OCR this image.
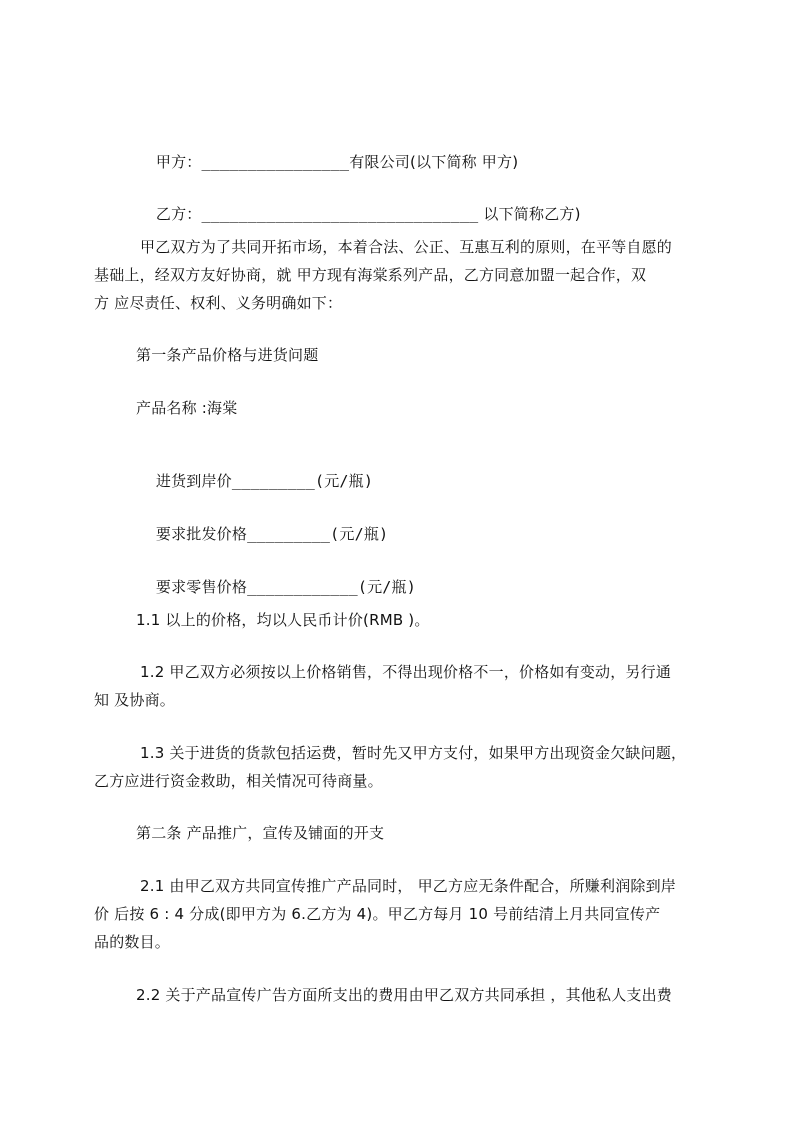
甲方：________________有限公司(以下简称 甲方)

乙方：______________________________ 以下简称乙方)

甲乙双方为了共同开拓市场，本着合法、公正、互惠互利的原则，在平等自愿的
基础上，经双方友好协商，就 甲方现有海棠系列产品，乙方同意加盟一起合作，双
方 应尽责任、权利、义务明确如下：
第一条产品价格与进货问题
产品名称 :海棠

进货到岸价_________(元/瓶)

要求批发价格_________(元/瓶)

要求零售价格____________(元/瓶)

1.1 以上的价格，均以人民币计价(RMB )。
1.2 甲乙双方必须按以上价格销售，不得出现价格不一，价格如有变动，另行通
知 及协商。
1.3 关于进货的货款包括运费，暂时先又甲方支付，如果甲方出现资金欠缺问题，
乙方应进行资金救助，相关情况可待商量。
第二条 产品推广，宣传及铺面的开支
2.1 由甲乙双方共同宣传推广产品同时， 甲乙方应无条件配合，所赚利润除到岸
价 后按 6 : 4 分成(即甲方为 6.乙方为 4)。甲乙方每月 10 号前结清上月共同宣传产
品的数目。
2.2 关于产品宣传广告方面所支出的费用由甲乙双方共同承担 ，其他私人支出费
